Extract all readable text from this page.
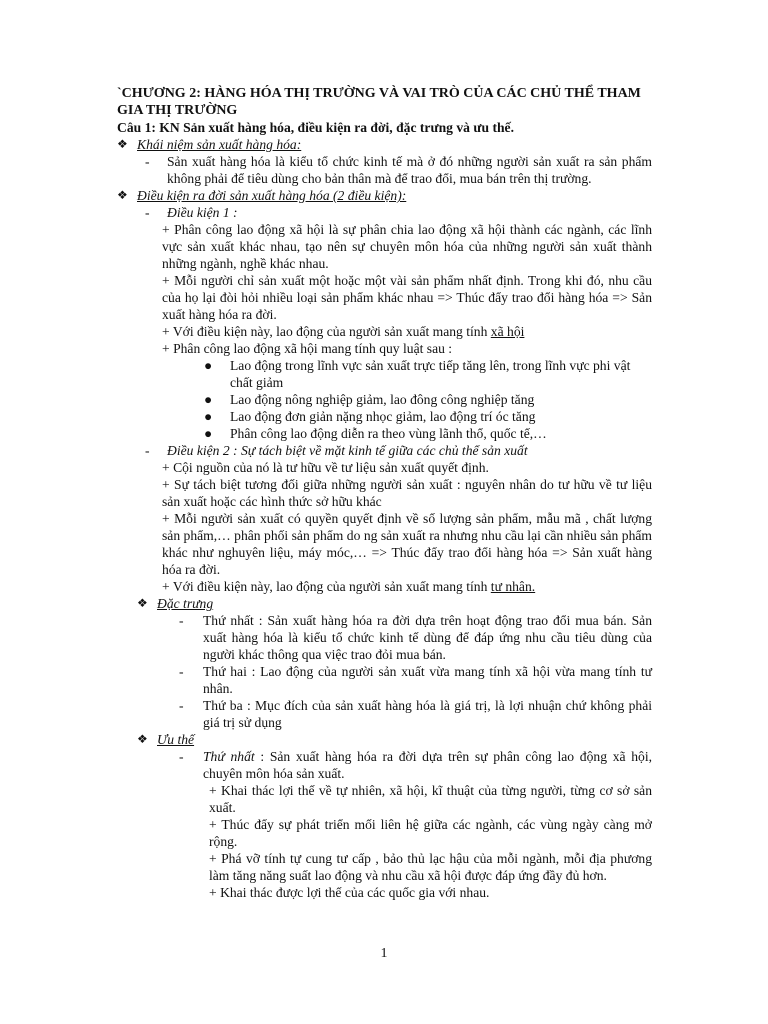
`CHƯƠNG 2: HÀNG HÓA THỊ TRƯỜNG VÀ VAI TRÒ CỦA CÁC CHỦ THỂ THAM GIA THỊ TRƯỜNG

Câu 1: KN Sản xuất hàng hóa, điều kiện ra đời, đặc trưng và ưu thế.

❖ Khái niệm sản xuất hàng hóa:
- Sản xuất hàng hóa là kiểu tổ chức kinh tế mà ở đó những người sản xuất ra sản phẩm không phải để tiêu dùng cho bản thân mà để trao đổi, mua bán trên thị trường.
❖ Điều kiện ra đời sản xuất hàng hóa (2 điều kiện):
- Điều kiện 1 :

+ Phân công lao động xã hội là sự phân chia lao động xã hội thành các ngành, các lĩnh vực sản xuất khác nhau, tạo nên sự chuyên môn hóa của những người sản xuất thành những ngành, nghề khác nhau.

+ Mỗi người chỉ sản xuất một hoặc một vài sản phẩm nhất định. Trong khi đó, nhu cầu của họ lại đòi hỏi nhiều loại sản phẩm khác nhau => Thúc đẩy trao đổi hàng hóa => Sản xuất hàng hóa ra đời.

+ Với điều kiện này, lao động của người sản xuất mang tính xã hội

+ Phân công lao động xã hội mang tính quy luật sau :

● Lao động trong lĩnh vực sản xuất trực tiếp tăng lên, trong lĩnh vực phi vật chất giảm
● Lao động nông nghiệp giảm, lao đông công nghiệp tăng
● Lao động đơn giản nặng nhọc giảm, lao động trí óc tăng
● Phân công lao động diễn ra theo vùng lãnh thổ, quốc tế,…
- Điều kiện 2 : Sự tách biệt về mặt kinh tế giữa các chủ thể sản xuất

+ Cội nguồn của nó là tư hữu về tư liệu sản xuất quyết định.

+ Sự tách biệt tương đối giữa những người sản xuất : nguyên nhân do tư hữu về tư liệu sản xuất hoặc các hình thức sở hữu khác

+ Mỗi người sản xuất có quyền quyết định về số lượng sản phẩm, mẫu mã , chất lượng sản phẩm,… phân phối sản phẩm do ng sản xuất ra nhưng nhu cầu lại cần nhiều sản phẩm khác như nghuyên liệu, máy móc,… => Thúc đẩy trao đổi hàng hóa => Sản xuất hàng hóa ra đời.

+ Với điều kiện này, lao động của người sản xuất mang tính tư nhân.

❖ Đặc trưng
- Thứ nhất : Sản xuất hàng hóa ra đời dựa trên hoạt động trao đổi mua bán. Sản xuất hàng hóa là kiểu tổ chức kinh tế dùng để đáp ứng nhu cầu tiêu dùng của người khác thông qua việc trao đỏi mua bán.
- Thứ hai : Lao động của người sản xuất vừa mang tính xã hội vừa mang tính tư nhân.
- Thứ ba : Mục đích của sản xuất hàng hóa là giá trị, là lợi nhuận chứ không phải giá trị sử dụng
❖ Ưu thế
- Thứ nhất : Sản xuất hàng hóa ra đời dựa trên sự phân công lao động xã hội, chuyên môn hóa sản xuất.

+ Khai thác lợi thế về tự nhiên, xã hội, kĩ thuật của từng người, từng cơ sở sản xuất.

+ Thúc đẩy sự phát triển mối liên hệ giữa các ngành, các vùng ngày càng mở rộng.

+ Phá vỡ tính tự cung tư cấp , bảo thủ lạc hậu của mỗi ngành, mỗi địa phương làm tăng năng suất lao động và nhu cầu xã hội được đáp ứng đầy đủ hơn.

+ Khai thác được lợi thế của các quốc gia với nhau.

1
